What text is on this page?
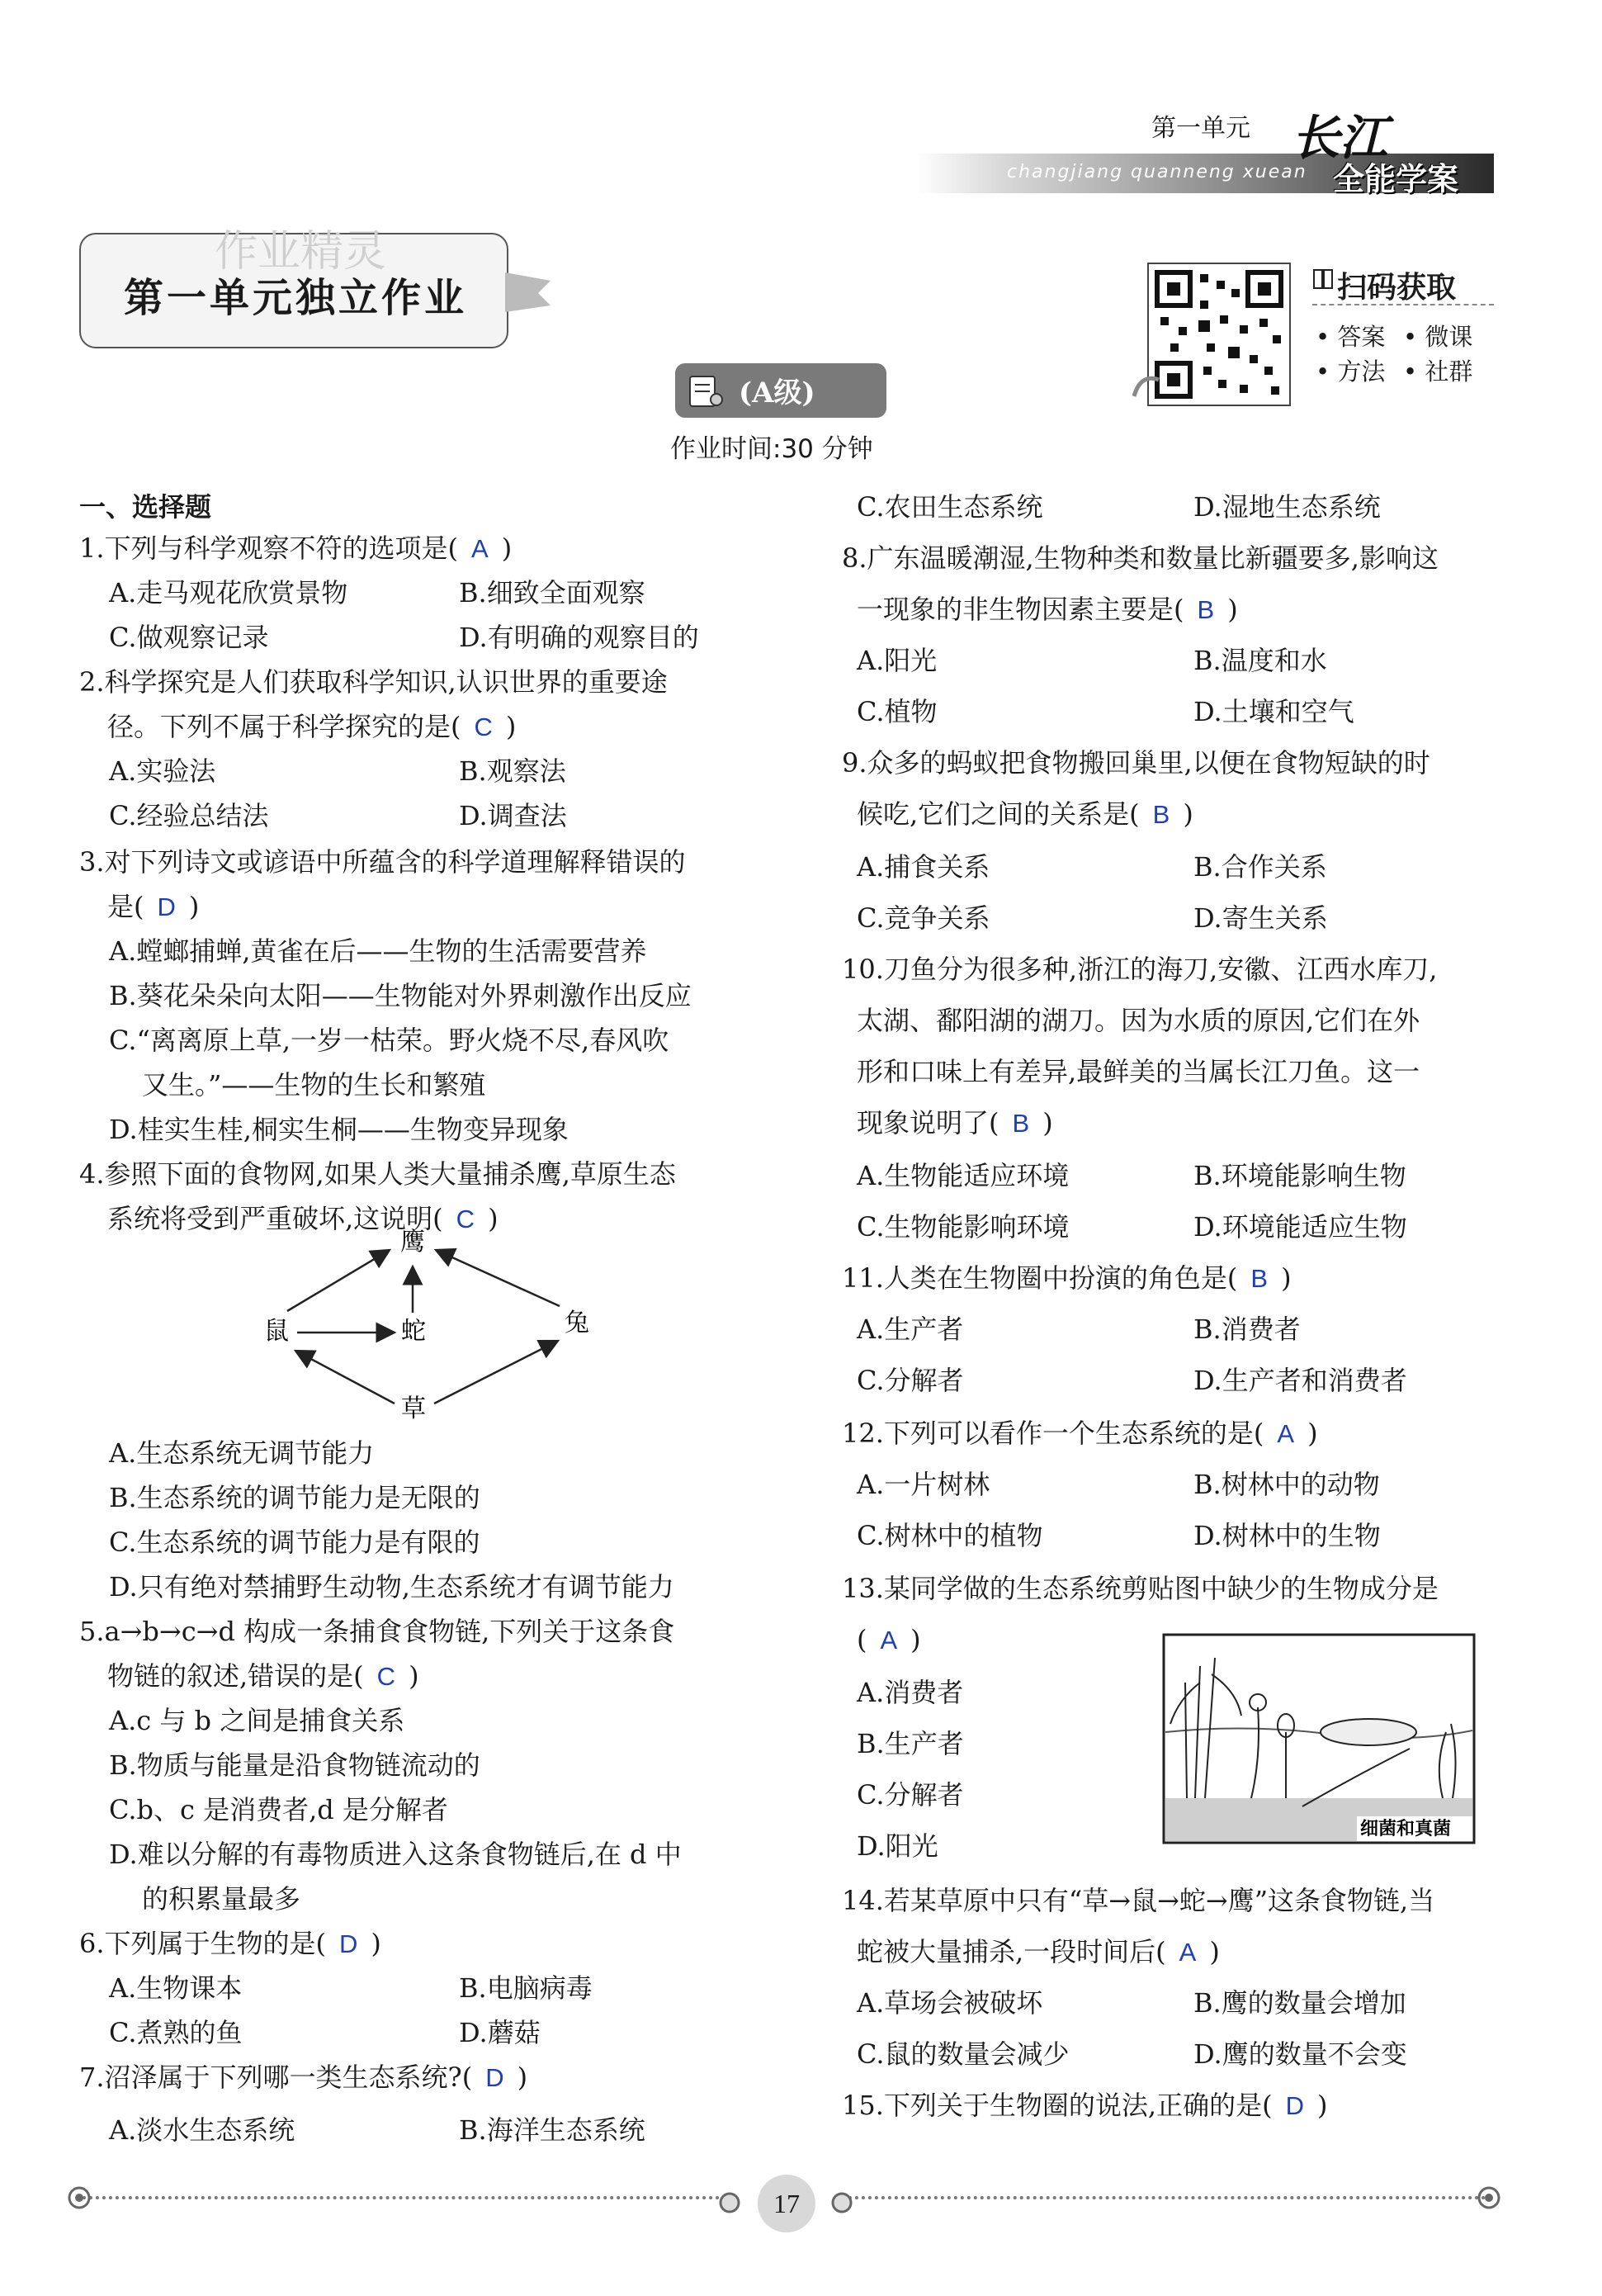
第一单元
changjiang quanneng xuean
长江
全能学案
作业精灵
第一单元独立作业	扫码获取
• 答案 • 微课
• 方法 • 社群
(A级)
作业时间:30 分钟
一、选择题
1.下列与科学观察不符的选项是( A )
A.走马观花欣赏景物	B.细致全面观察
C.做观察记录	D.有明确的观察目的
2.科学探究是人们获取科学知识,认识世界的重要途
径。下列不属于科学探究的是( C )
A.实验法	B.观察法
C.经验总结法	D.调查法
3.对下列诗文或谚语中所蕴含的科学道理解释错误的
是( D )
A.螳螂捕蝉,黄雀在后——生物的生活需要营养
B.葵花朵朵向太阳——生物能对外界刺激作出反应
C.“离离原上草,一岁一枯荣。野火烧不尽,春风吹
又生。”——生物的生长和繁殖
D.桂实生桂,桐实生桐——生物变异现象
4.参照下面的食物网,如果人类大量捕杀鹰,草原生态
系统将受到严重破坏,这说明( C )
A.生态系统无调节能力
B.生态系统的调节能力是无限的
C.生态系统的调节能力是有限的
D.只有绝对禁捕野生动物,生态系统才有调节能力
5.a→b→c→d 构成一条捕食食物链,下列关于这条食
物链的叙述,错误的是( C )
A.c 与 b 之间是捕食关系
B.物质与能量是沿食物链流动的
C.b、c 是消费者,d 是分解者
D.难以分解的有毒物质进入这条食物链后,在 d 中
的积累量最多
6.下列属于生物的是( D )
A.生物课本	B.电脑病毒
C.煮熟的鱼	D.蘑菇
7.沼泽属于下列哪一类生态系统?( D )
A.淡水生态系统	B.海洋生态系统
C.农田生态系统	D.湿地生态系统
8.广东温暖潮湿,生物种类和数量比新疆要多,影响这
一现象的非生物因素主要是( B )
A.阳光	B.温度和水
C.植物	D.土壤和空气
9.众多的蚂蚁把食物搬回巢里,以便在食物短缺的时
候吃,它们之间的关系是( B )
A.捕食关系	B.合作关系
C.竞争关系	D.寄生关系
10.刀鱼分为很多种,浙江的海刀,安徽、江西水库刀,
太湖、鄱阳湖的湖刀。因为水质的原因,它们在外
形和口味上有差异,最鲜美的当属长江刀鱼。这一
现象说明了( B )
A.生物能适应环境	B.环境能影响生物
C.生物能影响环境	D.环境能适应生物
11.人类在生物圈中扮演的角色是( B )
A.生产者	B.消费者
C.分解者	D.生产者和消费者
12.下列可以看作一个生态系统的是( A )
A.一片树林	B.树林中的动物
C.树林中的植物	D.树林中的生物
13.某同学做的生态系统剪贴图中缺少的生物成分是
( A )
A.消费者
B.生产者
C.分解者
D.阳光
14.若某草原中只有“草→鼠→蛇→鹰”这条食物链,当
蛇被大量捕杀,一段时间后( A )
A.草场会被破坏	B.鹰的数量会增加
C.鼠的数量会减少	D.鹰的数量不会变
15.下列关于生物圈的说法,正确的是( D )
鹰
鼠	蛇	兔
草
细菌和真菌
17
